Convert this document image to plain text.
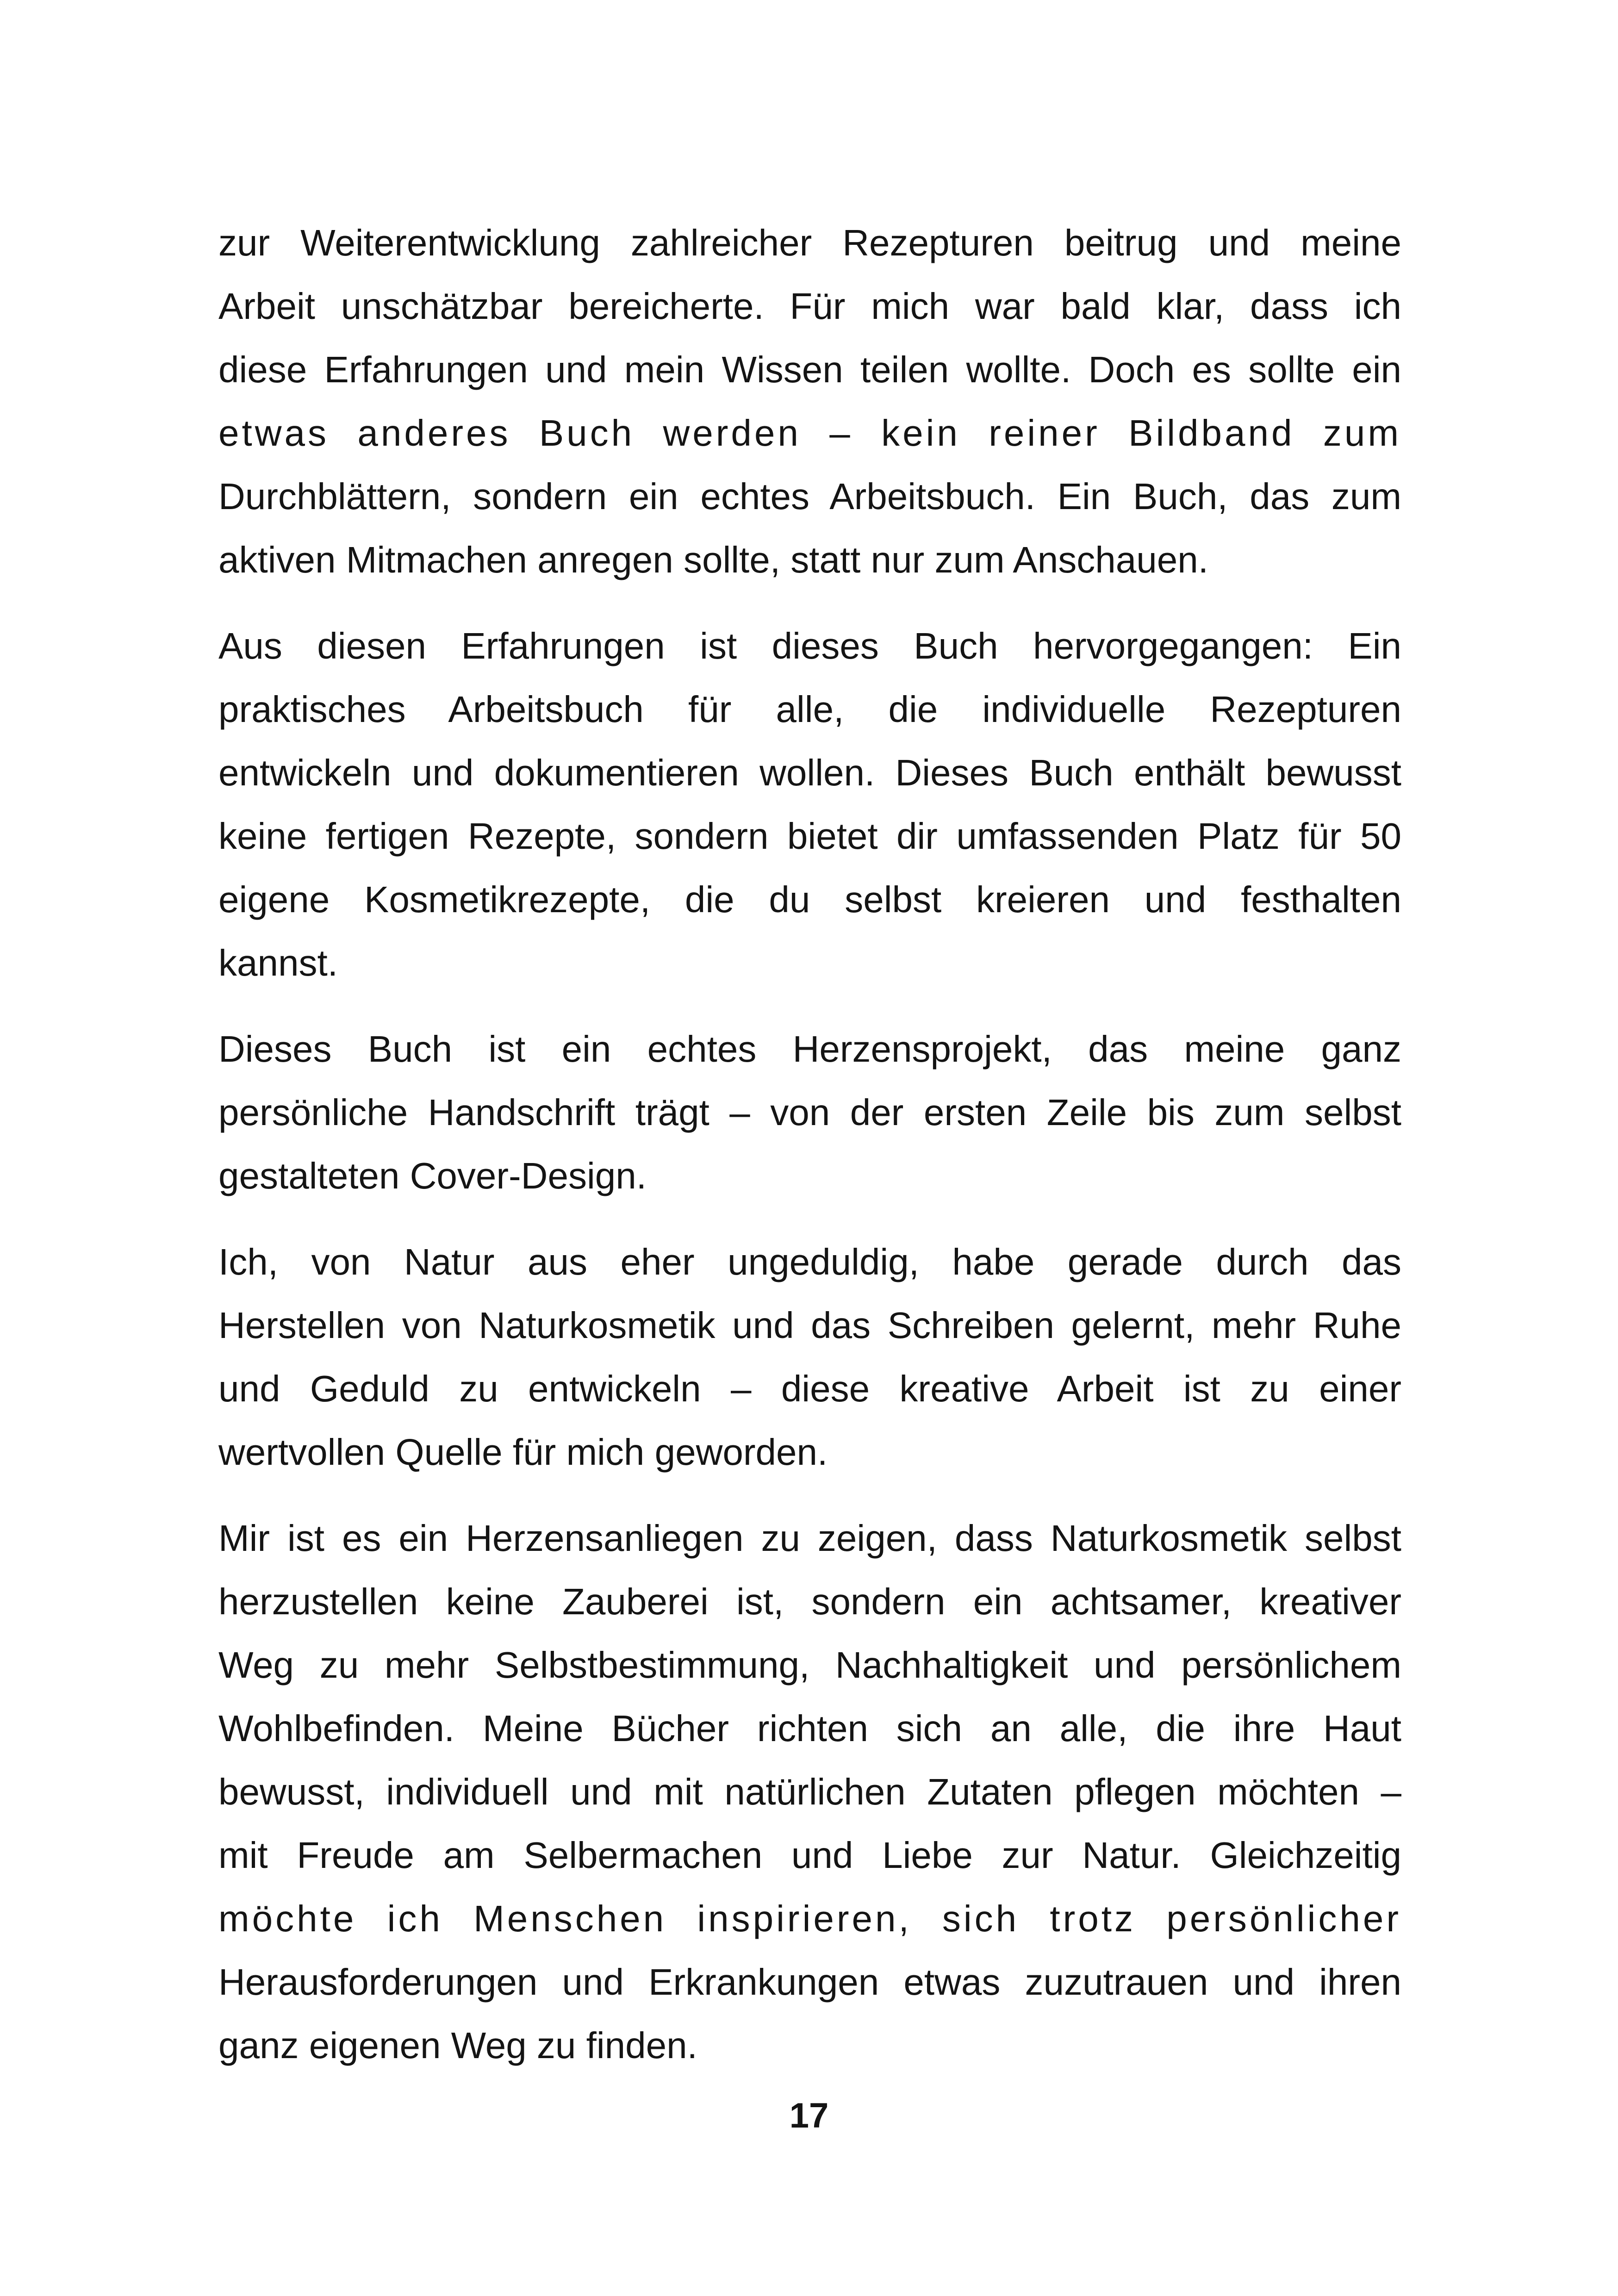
zur Weiterentwicklung zahlreicher Rezepturen beitrug und meine
Arbeit unschätzbar bereicherte. Für mich war bald klar, dass ich
diese Erfahrungen und mein Wissen teilen wollte. Doch es sollte ein
etwas anderes Buch werden – kein reiner Bildband zum
Durchblättern, sondern ein echtes Arbeitsbuch. Ein Buch, das zum
aktiven Mitmachen anregen sollte, statt nur zum Anschauen.

Aus diesen Erfahrungen ist dieses Buch hervorgegangen: Ein
praktisches Arbeitsbuch für alle, die individuelle Rezepturen
entwickeln und dokumentieren wollen. Dieses Buch enthält bewusst
keine fertigen Rezepte, sondern bietet dir umfassenden Platz für 50
eigene Kosmetikrezepte, die du selbst kreieren und festhalten
kannst.

Dieses Buch ist ein echtes Herzensprojekt, das meine ganz
persönliche Handschrift trägt – von der ersten Zeile bis zum selbst
gestalteten Cover-Design.

Ich, von Natur aus eher ungeduldig, habe gerade durch das
Herstellen von Naturkosmetik und das Schreiben gelernt, mehr Ruhe
und Geduld zu entwickeln – diese kreative Arbeit ist zu einer
wertvollen Quelle für mich geworden.

Mir ist es ein Herzensanliegen zu zeigen, dass Naturkosmetik selbst
herzustellen keine Zauberei ist, sondern ein achtsamer, kreativer
Weg zu mehr Selbstbestimmung, Nachhaltigkeit und persönlichem
Wohlbefinden. Meine Bücher richten sich an alle, die ihre Haut
bewusst, individuell und mit natürlichen Zutaten pflegen möchten –
mit Freude am Selbermachen und Liebe zur Natur. Gleichzeitig
möchte ich Menschen inspirieren, sich trotz persönlicher
Herausforderungen und Erkrankungen etwas zuzutrauen und ihren
ganz eigenen Weg zu finden.

17
